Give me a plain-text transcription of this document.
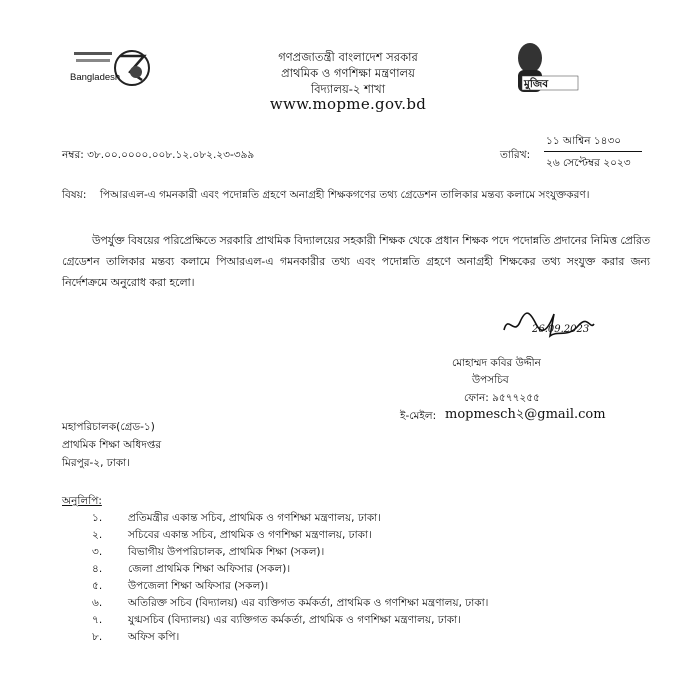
Bangladesh
গণপ্রজাতন্ত্রী বাংলাদেশ সরকার
প্রাথমিক ও গণশিক্ষা মন্ত্রণালয়
বিদ্যালয়-২ শাখা
www.mopme.gov.bd
মুজিব
নম্বর: ৩৮.০০.০০০০.০০৮.১২.০৮২.২৩-৩৯৯	তারিখ:
১১ আশ্বিন ১৪৩০
২৬ সেপ্টেম্বর ২০২৩
বিষয়: পিআরএল-এ গমনকারী এবং পদোন্নতি গ্রহণে অনাগ্রহী শিক্ষকগণের তথ্য গ্রেডেশন তালিকার মন্তব্য কলামে সংযুক্তকরণ।
উপর্যুক্ত বিষয়ের পরিপ্রেক্ষিতে সরকারি প্রাথমিক বিদ্যালয়ের সহকারী শিক্ষক থেকে প্রধান শিক্ষক পদে পদোন্নতি প্রদানের নিমিত্ত প্রেরিত গ্রেডেশন তালিকার মন্তব্য কলামে পিআরএল-এ গমনকারীর তথ্য এবং পদোন্নতি গ্রহণে অনাগ্রহী শিক্ষকের তথ্য সংযুক্ত করার জন্য নির্দেশক্রমে অনুরোধ করা হলো।
26.09.2023
মোহাম্মদ কবির উদ্দীন
উপসচিব
ফোন: ৯৫৭৭২৫৫
ই-মেইল: mopmesch২@gmail.com
মহাপরিচালক(গ্রেড-১)
প্রাথমিক শিক্ষা অধিদপ্তর
মিরপুর-২, ঢাকা।
অনুলিপি:
১. প্রতিমন্ত্রীর একান্ত সচিব, প্রাথমিক ও গণশিক্ষা মন্ত্রণালয়, ঢাকা।
২. সচিবের একান্ত সচিব, প্রাথমিক ও গণশিক্ষা মন্ত্রণালয়, ঢাকা।
৩. বিভাগীয় উপপরিচালক, প্রাথমিক শিক্ষা (সকল)।
৪. জেলা প্রাথমিক শিক্ষা অফিসার (সকল)।
৫. উপজেলা শিক্ষা অফিসার (সকল)।
৬. অতিরিক্ত সচিব (বিদ্যালয়) এর ব্যক্তিগত কর্মকর্তা, প্রাথমিক ও গণশিক্ষা মন্ত্রণালয়, ঢাকা।
৭. যুগ্মসচিব (বিদ্যালয়) এর ব্যক্তিগত কর্মকর্তা, প্রাথমিক ও গণশিক্ষা মন্ত্রণালয়, ঢাকা।
৮. অফিস কপি।
